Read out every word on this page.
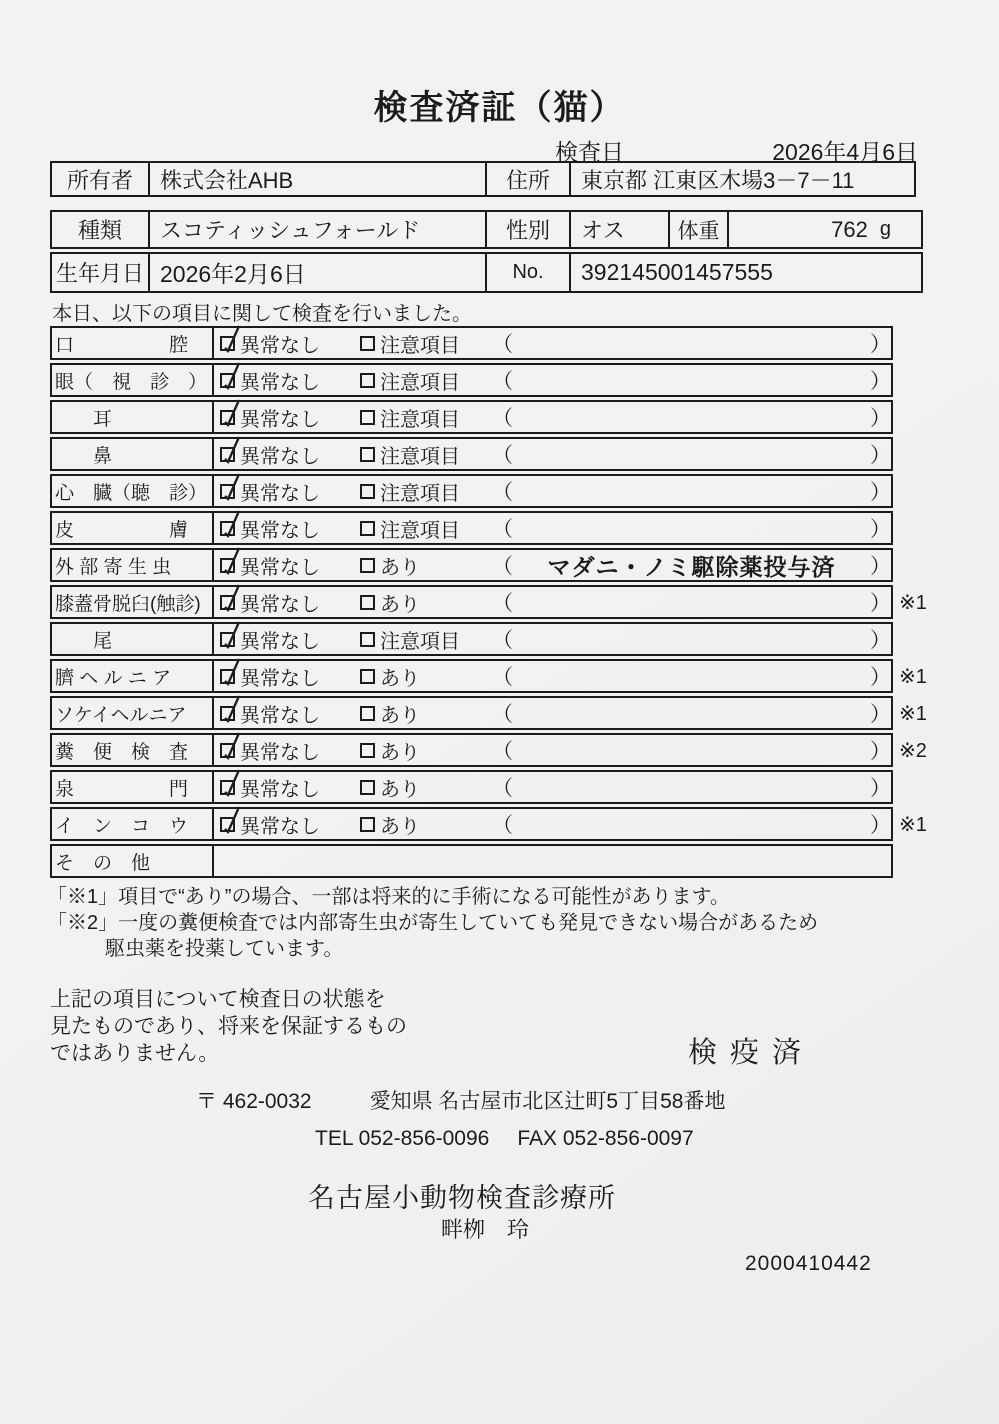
検査済証（猫）
検査日	2026年4月6日
所有者	株式会社AHB	住所	東京都 江東区木場3－7－11
種類	スコティッシュフォールド	性別	オス	体重	762 g
生年月日 2026年2月6日	No.	392145001457555
本日、以下の項目に関して検査を行いました。
口　　　　　腔	異常なし	注意項目 （	）
眼（　視　診　）	異常なし	注意項目 （	）
　　耳	異常なし	注意項目 （	）
　　鼻	異常なし	注意項目 （	）
心　臓（聴　診）	異常なし	注意項目 （	）
皮　　　　　膚	異常なし	注意項目 （	）
外 部 寄 生 虫	異常なし	あり	（	マダニ・ノミ駆除薬投与済	）
膝蓋骨脱臼(触診)	異常なし	あり	（	） ※1
　　尾	異常なし	注意項目 （	）
臍 ヘ ル ニ ア	異常なし	あり	（	） ※1
ソケイヘルニア	異常なし	あり	（	） ※1
糞　便　検　査	異常なし	あり	（	） ※2
泉　　　　　門	異常なし	あり	（	）
イ　ン　コ　ウ	異常なし	あり	（	） ※1
そ　の　他
「※1」項目で“あり”の場合、一部は将来的に手術になる可能性があります。
「※2」一度の糞便検査では内部寄生虫が寄生していても発見できない場合があるため
駆虫薬を投薬しています。
上記の項目について検査日の状態を
見たものであり、将来を保証するもの
ではありません。	検疫済
〒 462-0032	愛知県 名古屋市北区辻町5丁目58番地
TEL 052-856-0096 FAX 052-856-0097
名古屋小動物検査診療所
畔栁　玲
2000410442
